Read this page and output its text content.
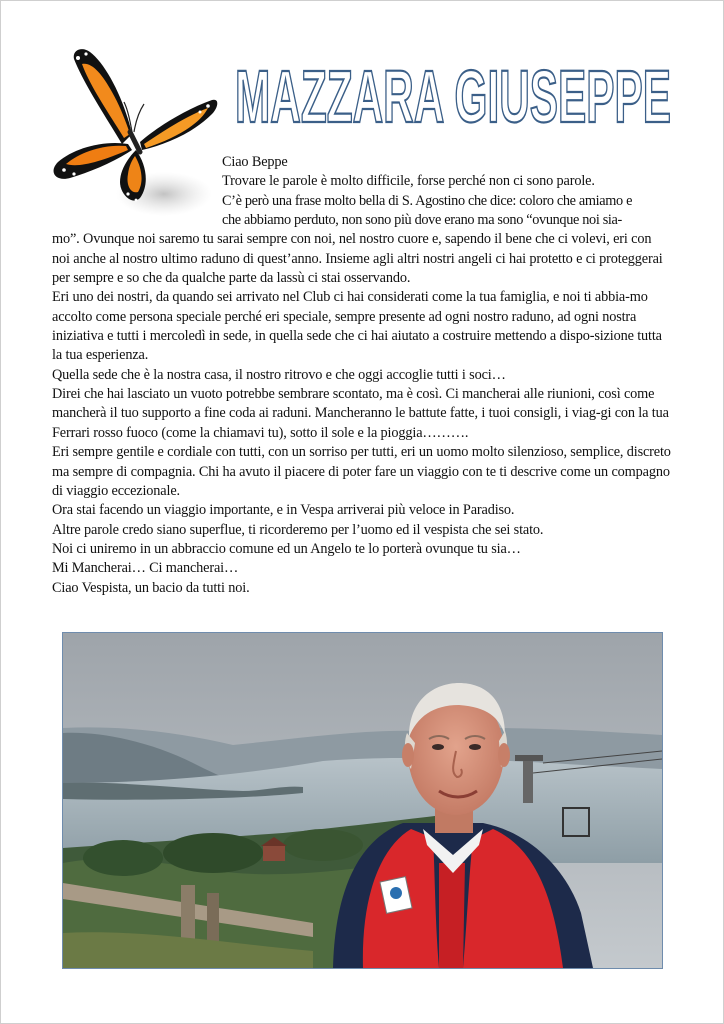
MAZZARA GIUSEPPE

Ciao Beppe

Trovare le parole è molto difficile, forse perché non ci sono parole.

C’è però una frase molto bella di S. Agostino che dice: coloro che amiamo e

che abbiamo perduto, non sono più dove erano ma sono “ovunque noi sia-

mo”. Ovunque noi saremo tu sarai sempre con noi, nel nostro cuore e, sapendo il bene che ci volevi, eri con noi anche al nostro ultimo raduno di quest’anno. Insieme agli altri nostri angeli ci hai protetto e ci proteggerai per sempre e so che da qualche parte da lassù ci stai osservando.

Eri uno dei nostri, da quando sei arrivato nel Club ci hai considerati come la tua famiglia, e noi ti abbia-mo accolto come persona speciale perché eri speciale, sempre presente ad ogni nostro raduno, ad ogni nostra iniziativa e tutti i mercoledì in sede, in quella sede che ci hai aiutato a costruire mettendo a dispo-sizione tutta la tua esperienza.

Quella sede che è la nostra casa, il nostro ritrovo e che oggi accoglie tutti i soci…

Direi che hai lasciato un vuoto potrebbe sembrare scontato, ma è così. Ci mancherai alle riunioni, così come mancherà il tuo supporto a fine coda ai raduni. Mancheranno le battute fatte, i tuoi consigli, i viag-gi con la tua Ferrari rosso fuoco (come la chiamavi tu), sotto il sole e la pioggia……….

Eri sempre gentile e cordiale con tutti, con un sorriso per tutti, eri un uomo molto silenzioso, semplice, discreto ma sempre di compagnia. Chi ha avuto il piacere di poter fare un viaggio con te ti descrive come un compagno di viaggio eccezionale.

Ora stai facendo un viaggio importante, e in Vespa arriverai più veloce in Paradiso.

Altre parole credo siano superflue, ti ricorderemo per l’uomo ed il vespista che sei stato.

Noi ci uniremo in un abbraccio comune ed un Angelo te lo porterà ovunque tu sia…

Mi Mancherai… Ci mancherai…

Ciao Vespista, un bacio da tutti noi.
